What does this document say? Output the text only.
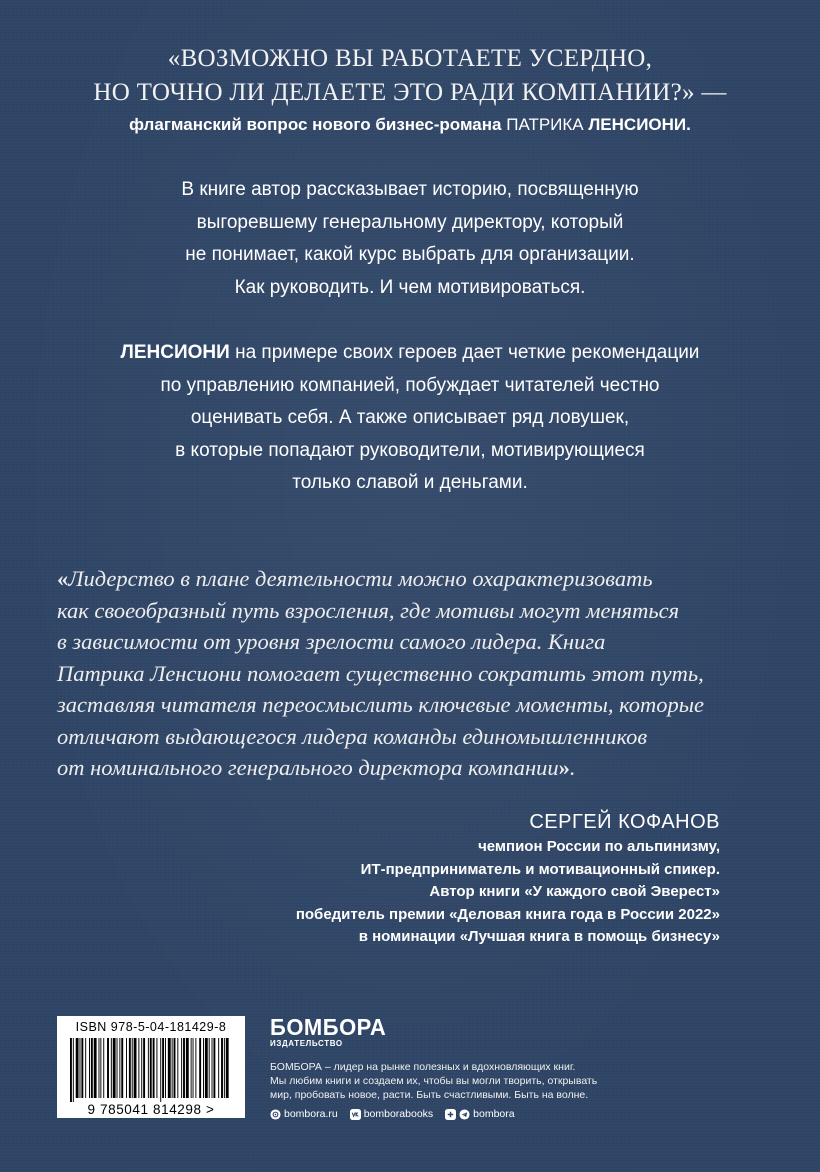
«ВОЗМОЖНО ВЫ РАБОТАЕТЕ УСЕРДНО,
НО ТОЧНО ЛИ ДЕЛАЕТЕ ЭТО РАДИ КОМПАНИИ?» —
флагманский вопрос нового бизнес-романа ПАТРИКА ЛЕНСИОНИ.
В книге автор рассказывает историю, посвященную
выгоревшему генеральному директору, который
не понимает, какой курс выбрать для организации.
Как руководить. И чем мотивироваться.
ЛЕНСИОНИ на примере своих героев дает четкие рекомендации
по управлению компанией, побуждает читателей честно
оценивать себя. А также описывает ряд ловушек,
в которые попадают руководители, мотивирующиеся
только славой и деньгами.
«Лидерство в плане деятельности можно охарактеризовать
как своеобразный путь взросления, где мотивы могут меняться
в зависимости от уровня зрелости самого лидера. Книга
Патрика Ленсиони помогает существенно сократить этот путь,
заставляя читателя переосмыслить ключевые моменты, которые
отличают выдающегося лидера команды единомышленников
от номинального генерального директора компании».
СЕРГЕЙ КОФАНОВ
чемпион России по альпинизму,
ИТ-предприниматель и мотивационный спикер.
Автор книги «У каждого свой Эверест»
победитель премии «Деловая книга года в России 2022»
в номинации «Лучшая книга в помощь бизнесу»
ISBN 978-5-04-181429-8
9 785041 814298 >
БОМБОРА
ИЗДАТЕЛЬСТВО
БОМБОРА – лидер на рынке полезных и вдохновляющих книг.
Мы любим книги и создаем их, чтобы вы могли творить, открывать
мир, пробовать новое, расти. Быть счастливыми. Быть на волне.
bombora.ru bomborabooks	bombora
